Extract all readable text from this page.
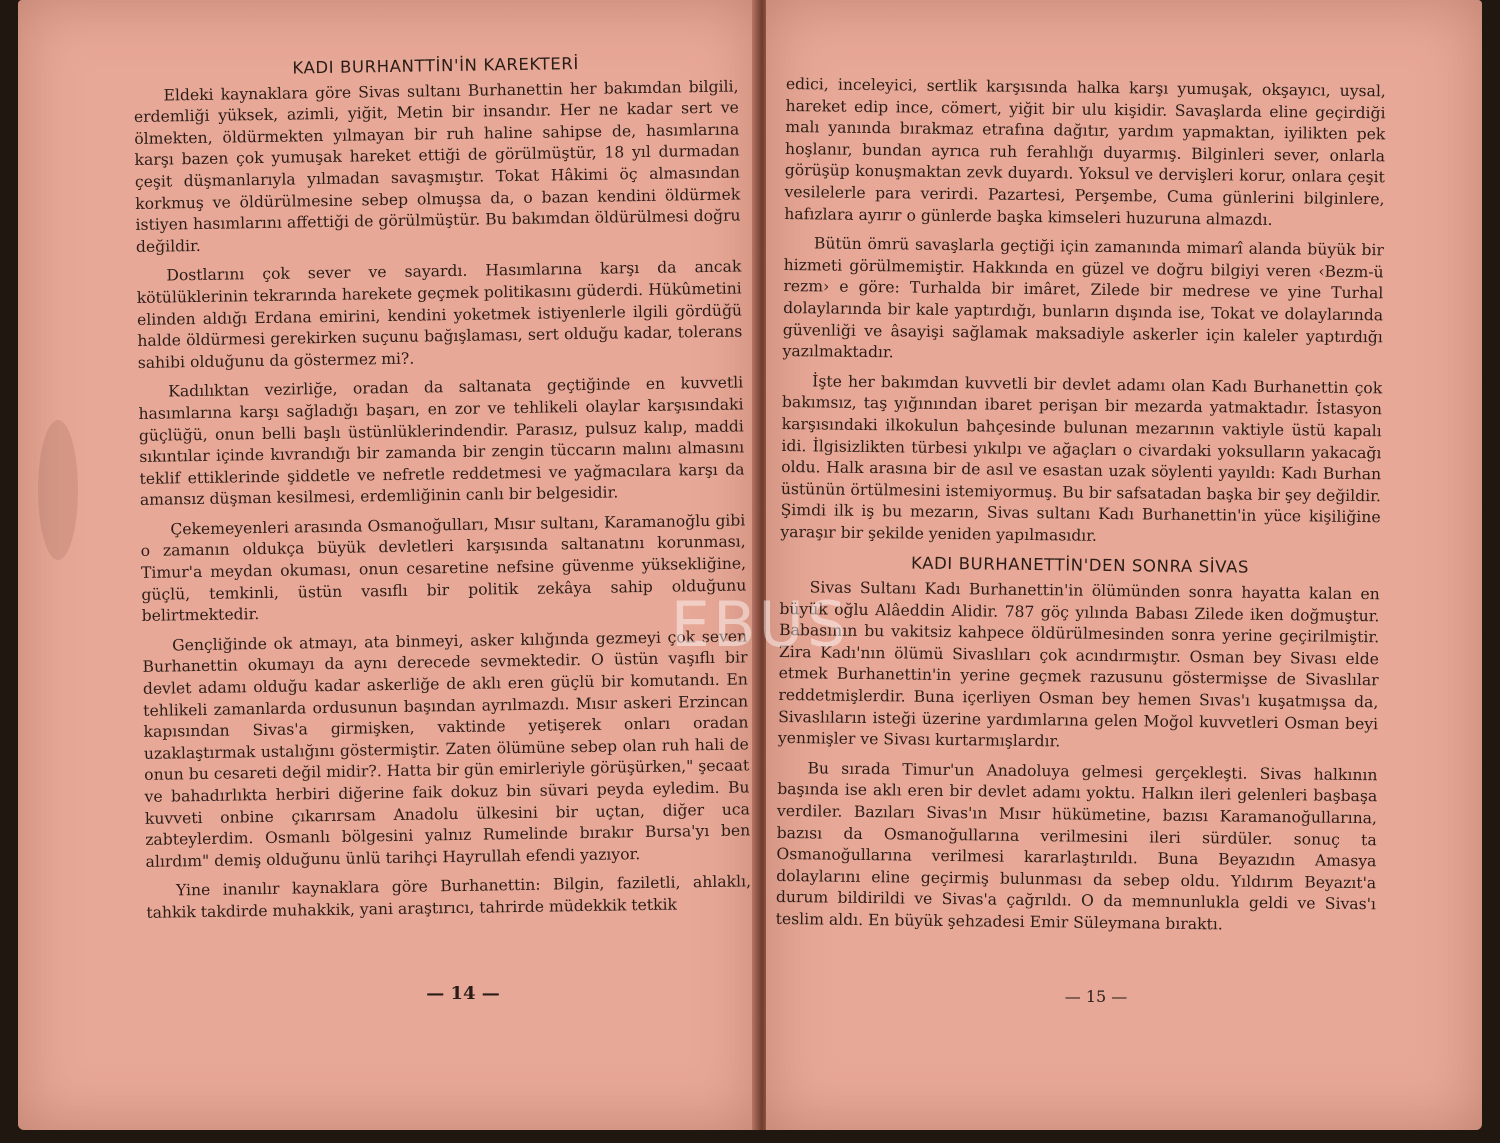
KADI BURHANTTİN'İN KAREKTERİ

Eldeki kaynaklara göre Sivas sultanı Burhanettin her bakımdan bilgili, erdemliği yüksek, azimli, yiğit, Metin bir insandır. Her ne kadar sert ve ölmekten, öldürmekten yılmayan bir ruh haline sahipse de, hasımlarına karşı bazen çok yumuşak hareket ettiği de görülmüştür, 18 yıl durmadan çeşit düşmanlarıyla yılmadan savaşmıştır. Tokat Hâkimi öç almasından korkmuş ve öldürülmesine sebep olmuşsa da, o bazan kendini öldürmek istiyen hasımlarını affettiği de görülmüştür. Bu bakımdan öldürülmesi doğru değildir.

Dostlarını çok sever ve sayardı. Hasımlarına karşı da ancak kötülüklerinin tekrarında harekete geçmek politikasını güderdi. Hükûmetini elinden aldığı Erdana emirini, kendini yoketmek istiyenlerle ilgili gördüğü halde öldürmesi gerekirken suçunu bağışlaması, sert olduğu kadar, tolerans sahibi olduğunu da göstermez mi?.

Kadılıktan vezirliğe, oradan da saltanata geçtiğinde en kuvvetli hasımlarına karşı sağladığı başarı, en zor ve tehlikeli olaylar karşısındaki güçlüğü, onun belli başlı üstünlüklerindendir. Parasız, pulsuz kalıp, maddi sıkıntılar içinde kıvrandığı bir zamanda bir zengin tüccarın malını almasını teklif ettiklerinde şiddetle ve nefretle reddetmesi ve yağmacılara karşı da amansız düşman kesilmesi, erdemliğinin canlı bir belgesidir.

Çekemeyenleri arasında Osmanoğulları, Mısır sultanı, Karamanoğlu gibi o zamanın oldukça büyük devletleri karşısında saltanatını korunması, Timur'a meydan okuması, onun cesaretine nefsine güvenme yüksekliğine, güçlü, temkinli, üstün vasıflı bir politik zekâya sahip olduğunu belirtmektedir.

Gençliğinde ok atmayı, ata binmeyi, asker kılığında gezmeyi çok seven Burhanettin okumayı da aynı derecede sevmektedir. O üstün vaşıflı bir devlet adamı olduğu kadar askerliğe de aklı eren güçlü bir komutandı. En tehlikeli zamanlarda ordusunun başından ayrılmazdı. Mısır askeri Erzincan kapısından Sivas'a girmişken, vaktinde yetişerek onları oradan uzaklaştırmak ustalığını göstermiştir. Zaten ölümüne sebep olan ruh hali de onun bu cesareti değil midir?. Hatta bir gün emirleriyle görüşürken," şecaat ve bahadırlıkta herbiri diğerine faik dokuz bin süvari peyda eyledim. Bu kuvveti onbine çıkarırsam Anadolu ülkesini bir uçtan, diğer uca zabteylerdim. Osmanlı bölgesini yalnız Rumelinde bırakır Bursa'yı ben alırdım" demiş olduğunu ünlü tarihçi Hayrullah efendi yazıyor.

Yine inanılır kaynaklara göre Burhanettin: Bilgin, faziletli, ahlaklı, tahkik takdirde muhakkik, yani araştırıcı, tahrirde müdekkik tetkik

— 14 —

edici, inceleyici, sertlik karşısında halka karşı yumuşak, okşayıcı, uysal, hareket edip ince, cömert, yiğit bir ulu kişidir. Savaşlarda eline geçirdiği malı yanında bırakmaz etrafına dağıtır, yardım yapmaktan, iyilikten pek hoşlanır, bundan ayrıca ruh ferahlığı duyarmış. Bilginleri sever, onlarla görüşüp konuşmaktan zevk duyardı. Yoksul ve dervişleri korur, onlara çeşit vesilelerle para verirdi. Pazartesi, Perşembe, Cuma günlerini bilginlere, hafızlara ayırır o günlerde başka kimseleri huzuruna almazdı.

Bütün ömrü savaşlarla geçtiği için zamanında mimarî alanda büyük bir hizmeti görülmemiştir. Hakkında en güzel ve doğru bilgiyi veren ‹Bezm-ü rezm› e göre: Turhalda bir imâret, Zilede bir medrese ve yine Turhal dolaylarında bir kale yaptırdığı, bunların dışında ise, Tokat ve dolaylarında güvenliği ve âsayişi sağlamak maksadiyle askerler için kaleler yaptırdığı yazılmaktadır.

İşte her bakımdan kuvvetli bir devlet adamı olan Kadı Burhanettin çok bakımsız, taş yığınından ibaret perişan bir mezarda yatmaktadır. İstasyon karşısındaki ilkokulun bahçesinde bulunan mezarının vaktiyle üstü kapalı idi. İlgisizlikten türbesi yıkılpı ve ağaçları o civardaki yoksulların yakacağı oldu. Halk arasına bir de asıl ve esastan uzak söylenti yayıldı: Kadı Burhan üstünün örtülmesini istemiyormuş. Bu bir safsatadan başka bir şey değildir. Şimdi ilk iş bu mezarın, Sivas sultanı Kadı Burhanettin'in yüce kişiliğine yaraşır bir şekilde yeniden yapılmasıdır.

KADI BURHANETTİN'DEN SONRA SİVAS

Sivas Sultanı Kadı Burhanettin'in ölümünden sonra hayatta kalan en büyük oğlu Alâeddin Alidir. 787 göç yılında Babası Zilede iken doğmuştur. Babasının bu vakitsiz kahpece öldürülmesinden sonra yerine geçirilmiştir. Zira Kadı'nın ölümü Sivaslıları çok acındırmıştır. Osman bey Sivası elde etmek Burhanettin'in yerine geçmek razusunu göstermişse de Sivaslılar reddetmişlerdir. Buna içerliyen Osman bey hemen Sıvas'ı kuşatmışsa da, Sivaslıların isteği üzerine yardımlarına gelen Moğol kuvvetleri Osman beyi yenmişler ve Sivası kurtarmışlardır.

Bu sırada Timur'un Anadoluya gelmesi gerçekleşti. Sivas halkının başında ise aklı eren bir devlet adamı yoktu. Halkın ileri gelenleri başbaşa verdiler. Bazıları Sivas'ın Mısır hükümetine, bazısı Karamanoğullarına, bazısı da Osmanoğullarına verilmesini ileri sürdüler. sonuç ta Osmanoğullarına verilmesi kararlaştırıldı. Buna Beyazıdın Amasya dolaylarını eline geçirmiş bulunması da sebep oldu. Yıldırım Beyazıt'a durum bildirildi ve Sivas'a çağrıldı. O da memnunlukla geldi ve Sivas'ı teslim aldı. En büyük şehzadesi Emir Süleymana bıraktı.

— 15 —
EBUS
